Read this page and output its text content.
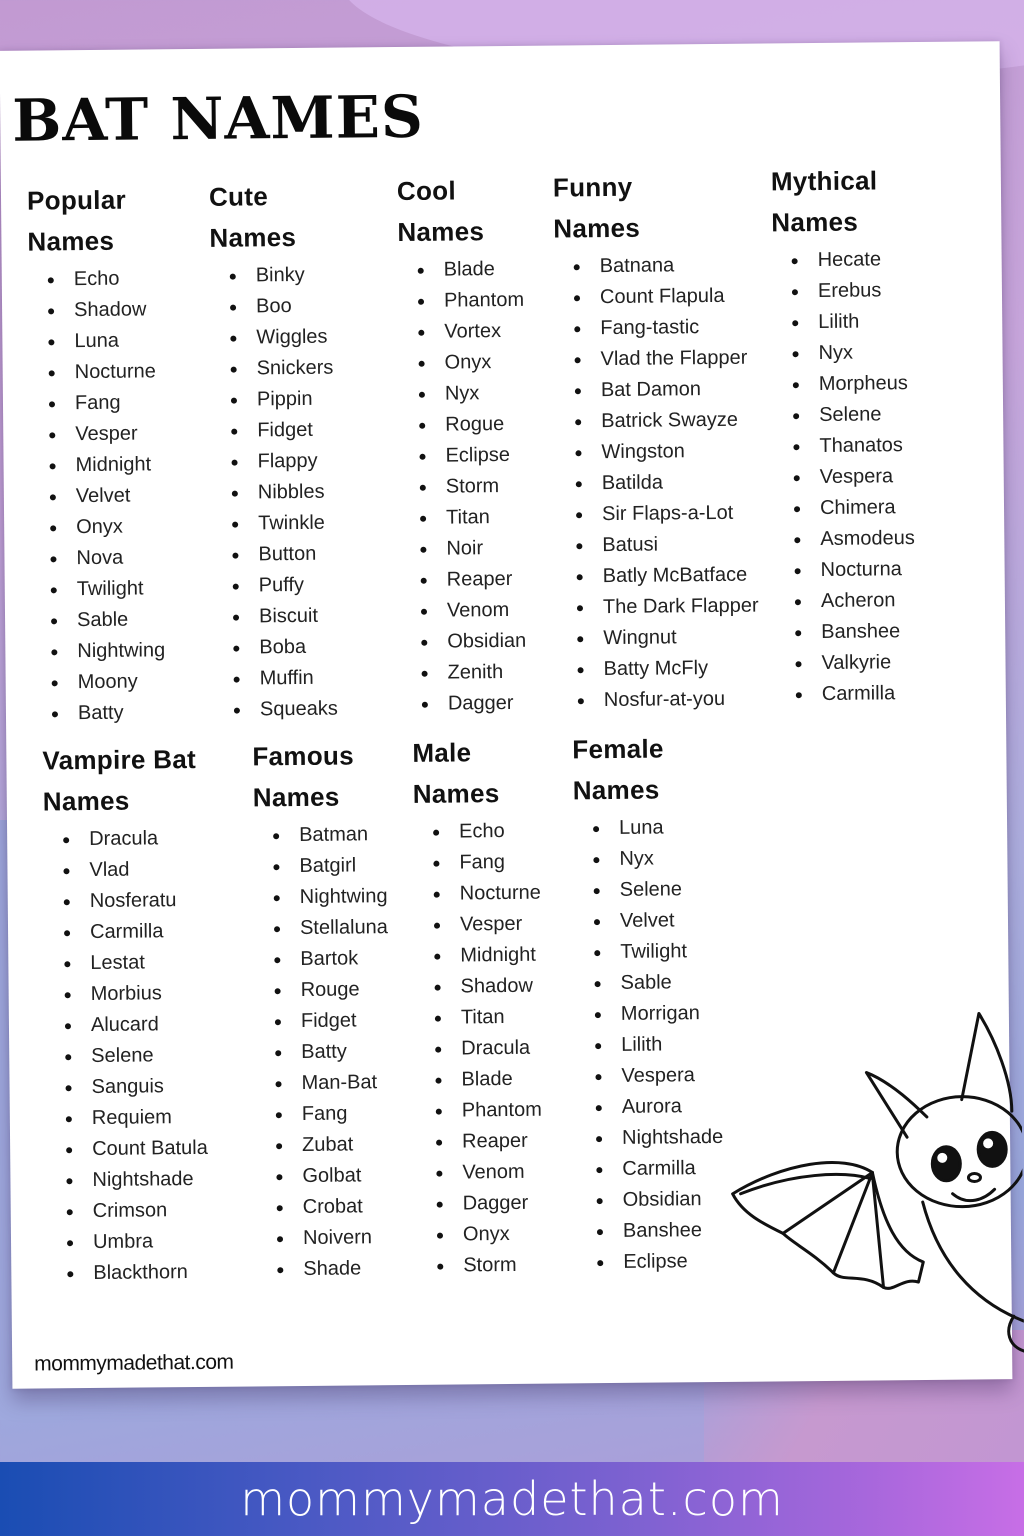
BAT NAMES
Popular
Names
Echo
Shadow
Luna
Nocturne
Fang
Vesper
Midnight
Velvet
Onyx
Nova
Twilight
Sable
Nightwing
Moony
Batty
Cute
Names
Binky
Boo
Wiggles
Snickers
Pippin
Fidget
Flappy
Nibbles
Twinkle
Button
Puffy
Biscuit
Boba
Muffin
Squeaks
Cool
Names
Blade
Phantom
Vortex
Onyx
Nyx
Rogue
Eclipse
Storm
Titan
Noir
Reaper
Venom
Obsidian
Zenith
Dagger
Funny
Names
Batnana
Count Flapula
Fang-tastic
Vlad the Flapper
Bat Damon
Batrick Swayze
Wingston
Batilda
Sir Flaps-a-Lot
Batusi
Batly McBatface
The Dark Flapper
Wingnut
Batty McFly
Nosfur-at-you
Mythical
Names
Hecate
Erebus
Lilith
Nyx
Morpheus
Selene
Thanatos
Vespera
Chimera
Asmodeus
Nocturna
Acheron
Banshee
Valkyrie
Carmilla
Vampire Bat
Names
Dracula
Vlad
Nosferatu
Carmilla
Lestat
Morbius
Alucard
Selene
Sanguis
Requiem
Count Batula
Nightshade
Crimson
Umbra
Blackthorn
Famous
Names
Batman
Batgirl
Nightwing
Stellaluna
Bartok
Rouge
Fidget
Batty
Man-Bat
Fang
Zubat
Golbat
Crobat
Noivern
Shade
Male
Names
Echo
Fang
Nocturne
Vesper
Midnight
Shadow
Titan
Dracula
Blade
Phantom
Reaper
Venom
Dagger
Onyx
Storm
Female
Names
Luna
Nyx
Selene
Velvet
Twilight
Sable
Morrigan
Lilith
Vespera
Aurora
Nightshade
Carmilla
Obsidian
Banshee
Eclipse
mommymadethat.com
mommymadethat.com
